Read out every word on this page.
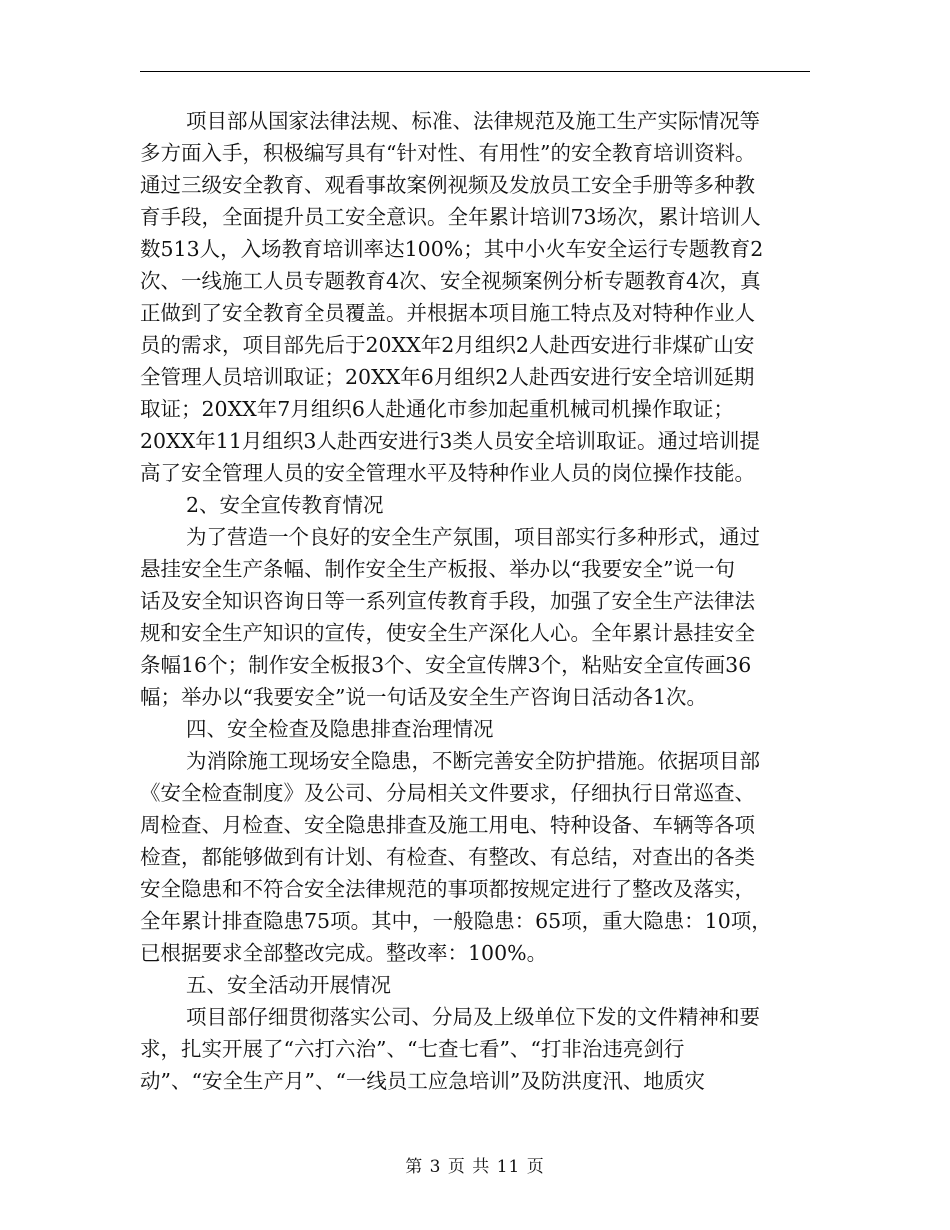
项目部从国家法律法规、标准、法律规范及施工生产实际情况等
多方面入手，积极编写具有“针对性、有用性”的安全教育培训资料。
通过三级安全教育、观看事故案例视频及发放员工安全手册等多种教
育手段，全面提升员工安全意识。全年累计培训73场次，累计培训人
数513人，入场教育培训率达100%；其中小火车安全运行专题教育2
次、一线施工人员专题教育4次、安全视频案例分析专题教育4次，真
正做到了安全教育全员覆盖。并根据本项目施工特点及对特种作业人
员的需求，项目部先后于20XX年2月组织2人赴西安进行非煤矿山安
全管理人员培训取证；20XX年6月组织2人赴西安进行安全培训延期
取证；20XX年7月组织6人赴通化市参加起重机械司机操作取证；
20XX年11月组织3人赴西安进行3类人员安全培训取证。通过培训提
高了安全管理人员的安全管理水平及特种作业人员的岗位操作技能。
2、安全宣传教育情况
为了营造一个良好的安全生产氛围，项目部实行多种形式，通过
悬挂安全生产条幅、制作安全生产板报、举办以“我要安全”说一句
话及安全知识咨询日等一系列宣传教育手段，加强了安全生产法律法
规和安全生产知识的宣传，使安全生产深化人心。全年累计悬挂安全
条幅16个；制作安全板报3个、安全宣传牌3个，粘贴安全宣传画36
幅；举办以“我要安全”说一句话及安全生产咨询日活动各1次。
四、安全检查及隐患排查治理情况
为消除施工现场安全隐患，不断完善安全防护措施。依据项目部
《安全检查制度》及公司、分局相关文件要求，仔细执行日常巡查、
周检查、月检查、安全隐患排查及施工用电、特种设备、车辆等各项
检查，都能够做到有计划、有检查、有整改、有总结，对查出的各类
安全隐患和不符合安全法律规范的事项都按规定进行了整改及落实，
全年累计排查隐患75项。其中，一般隐患：65项，重大隐患：10项，
已根据要求全部整改完成。整改率：100%。
五、安全活动开展情况
项目部仔细贯彻落实公司、分局及上级单位下发的文件精神和要
求，扎实开展了“六打六治”、“七查七看”、“打非治违亮剑行
动”、“安全生产月”、“一线员工应急培训”及防洪度汛、地质灾
第 3 页 共 11 页
